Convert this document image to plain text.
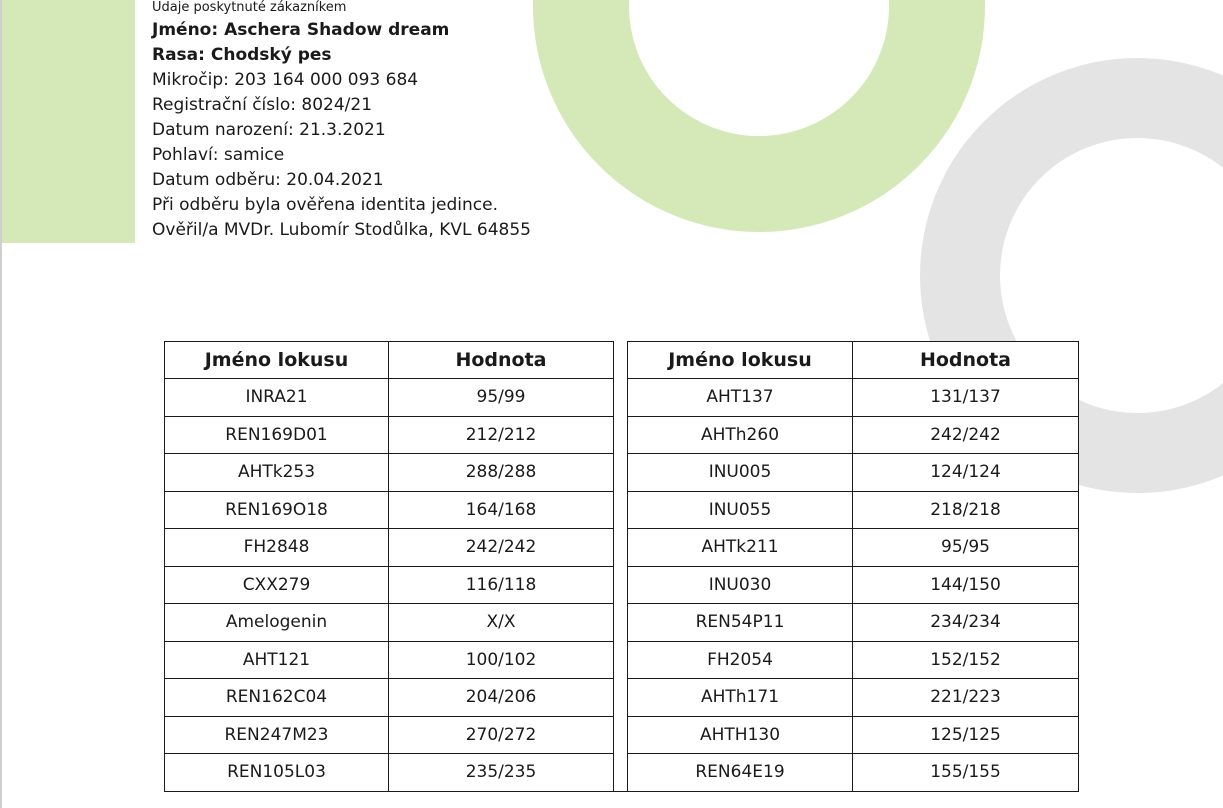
Údaje poskytnuté zákazníkem
Jméno: Aschera Shadow dream
Rasa: Chodský pes
Mikročip: 203 164 000 093 684
Registrační číslo: 8024/21
Datum narození: 21.3.2021
Pohlaví: samice
Datum odběru: 20.04.2021
Při odběru byla ověřena identita jedince.
Ověřil/a MVDr. Lubomír Stodůlka, KVL 64855
Jméno lokusu	Hodnota		Jméno lokusu	Hodnota
INRA21	95/99		AHT137	131/137
REN169D01	212/212		AHTh260	242/242
AHTk253	288/288		INU005	124/124
REN169O18	164/168		INU055	218/218
FH2848	242/242		AHTk211	95/95
CXX279	116/118		INU030	144/150
Amelogenin	X/X		REN54P11	234/234
AHT121	100/102		FH2054	152/152
REN162C04	204/206		AHTh171	221/223
REN247M23	270/272		AHTH130	125/125
REN105L03	235/235		REN64E19	155/155
